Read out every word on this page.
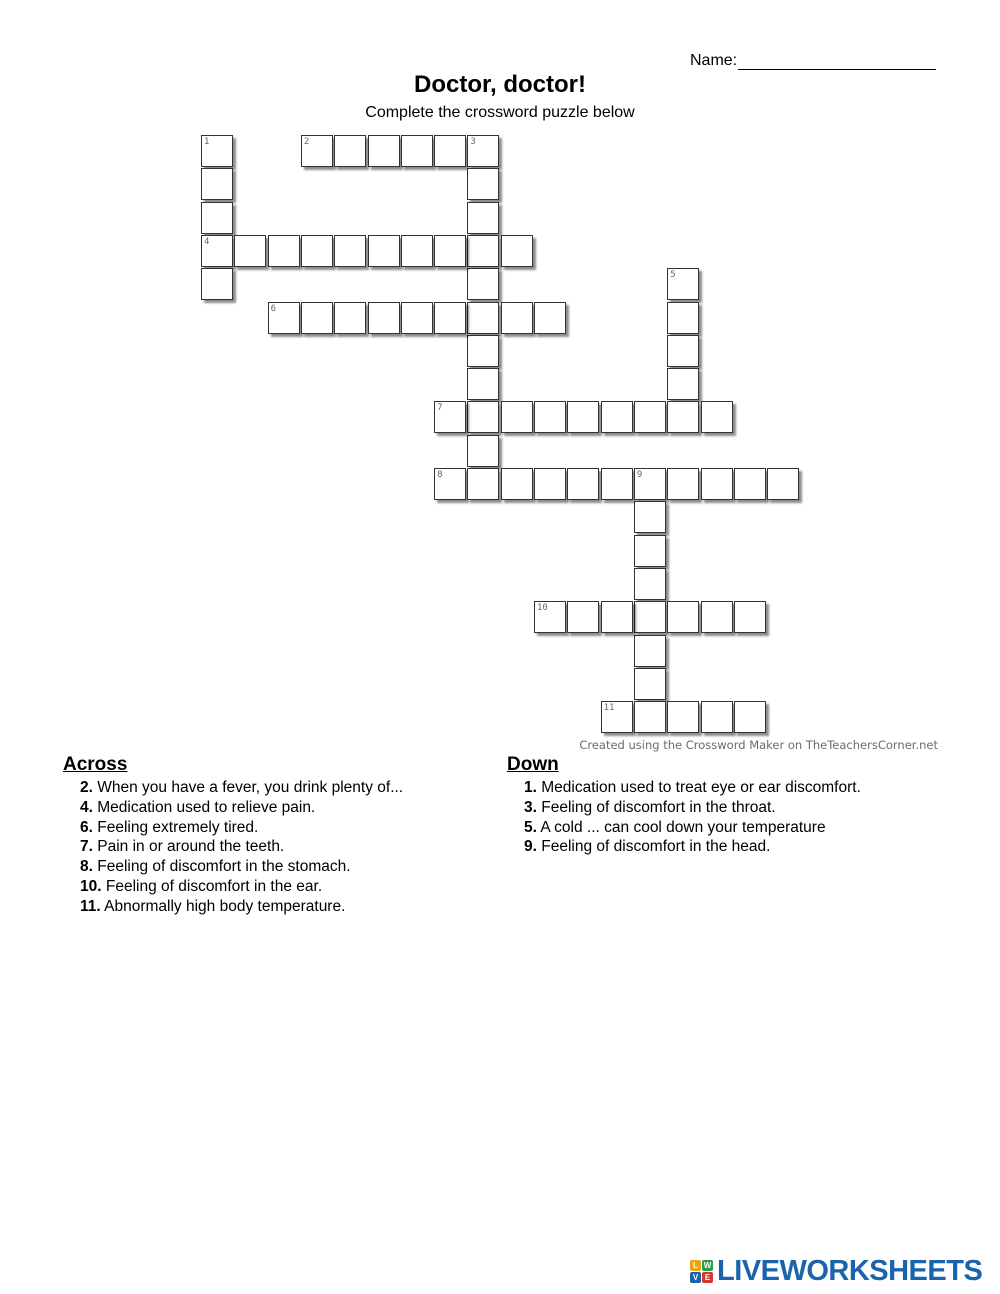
Name:
Doctor, doctor!
Complete the crossword puzzle below
1
4
2	3
5
6
7
8	9
10
11
Created using the Crossword Maker on TheTeachersCorner.net
Across
2. When you have a fever, you drink plenty of...
4. Medication used to relieve pain.
6. Feeling extremely tired.
7. Pain in or around the teeth.
8. Feeling of discomfort in the stomach.
10. Feeling of discomfort in the ear.
11. Abnormally high body temperature.
Down
1. Medication used to treat eye or ear discomfort.
3. Feeling of discomfort in the throat.
5. A cold ... can cool down your temperature
9. Feeling of discomfort in the head.
L W
V E LIVEWORKSHEETS
